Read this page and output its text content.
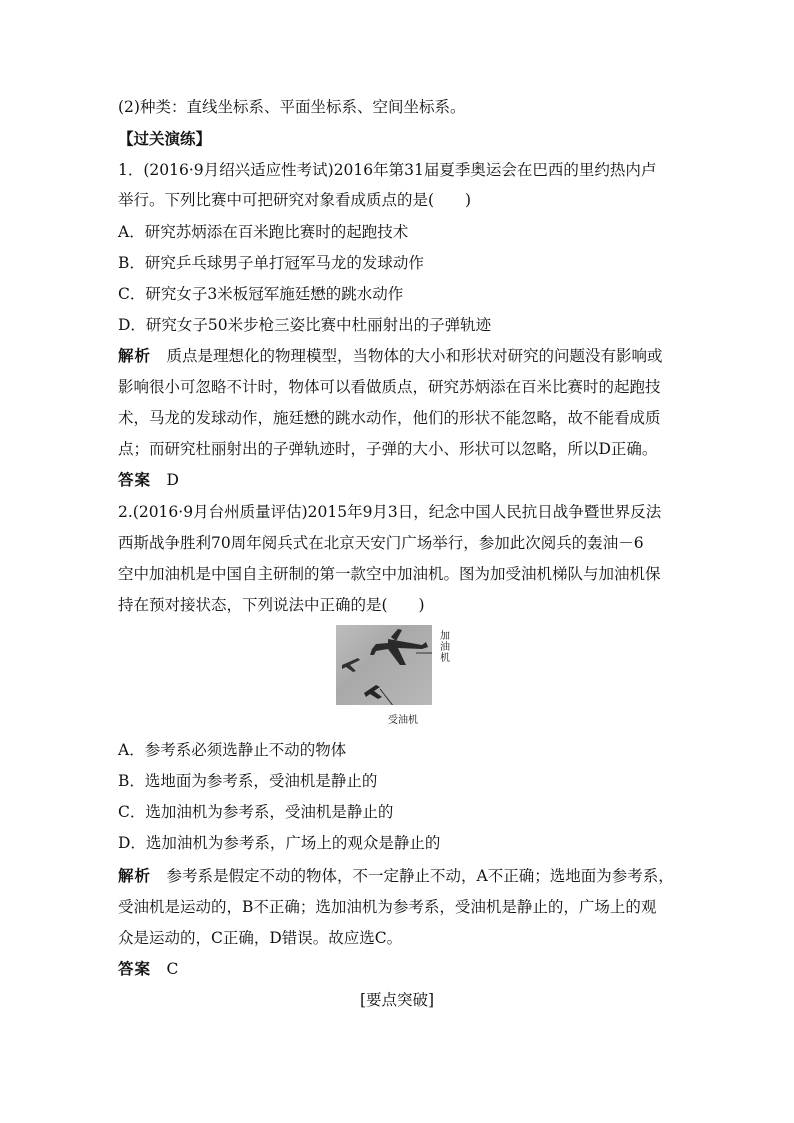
(2)种类：直线坐标系、平面坐标系、空间坐标系。
【过关演练】
1．(2016·9月绍兴适应性考试)2016年第31届夏季奥运会在巴西的里约热内卢
举行。下列比赛中可把研究对象看成质点的是(　　)
A．研究苏炳添在百米跑比赛时的起跑技术
B．研究乒乓球男子单打冠军马龙的发球动作
C．研究女子3米板冠军施廷懋的跳水动作
D．研究女子50米步枪三姿比赛中杜丽射出的子弹轨迹
解析　质点是理想化的物理模型，当物体的大小和形状对研究的问题没有影响或
影响很小可忽略不计时，物体可以看做质点，研究苏炳添在百米比赛时的起跑技
术，马龙的发球动作，施廷懋的跳水动作，他们的形状不能忽略，故不能看成质
点；而研究杜丽射出的子弹轨迹时，子弹的大小、形状可以忽略，所以D正确。
答案　D
2.(2016·9月台州质量评估)2015年9月3日，纪念中国人民抗日战争暨世界反法
西斯战争胜利70周年阅兵式在北京天安门广场举行，参加此次阅兵的轰油－6
空中加油机是中国自主研制的第一款空中加油机。图为加受油机梯队与加油机保
持在预对接状态，下列说法中正确的是(　　)
加油机
受油机
A．参考系必须选静止不动的物体
B．选地面为参考系，受油机是静止的
C．选加油机为参考系，受油机是静止的
D．选加油机为参考系，广场上的观众是静止的
解析　参考系是假定不动的物体，不一定静止不动，A不正确；选地面为参考系，
受油机是运动的，B不正确；选加油机为参考系，受油机是静止的，广场上的观
众是运动的，C正确，D错误。故应选C。
答案　C
[要点突破]
